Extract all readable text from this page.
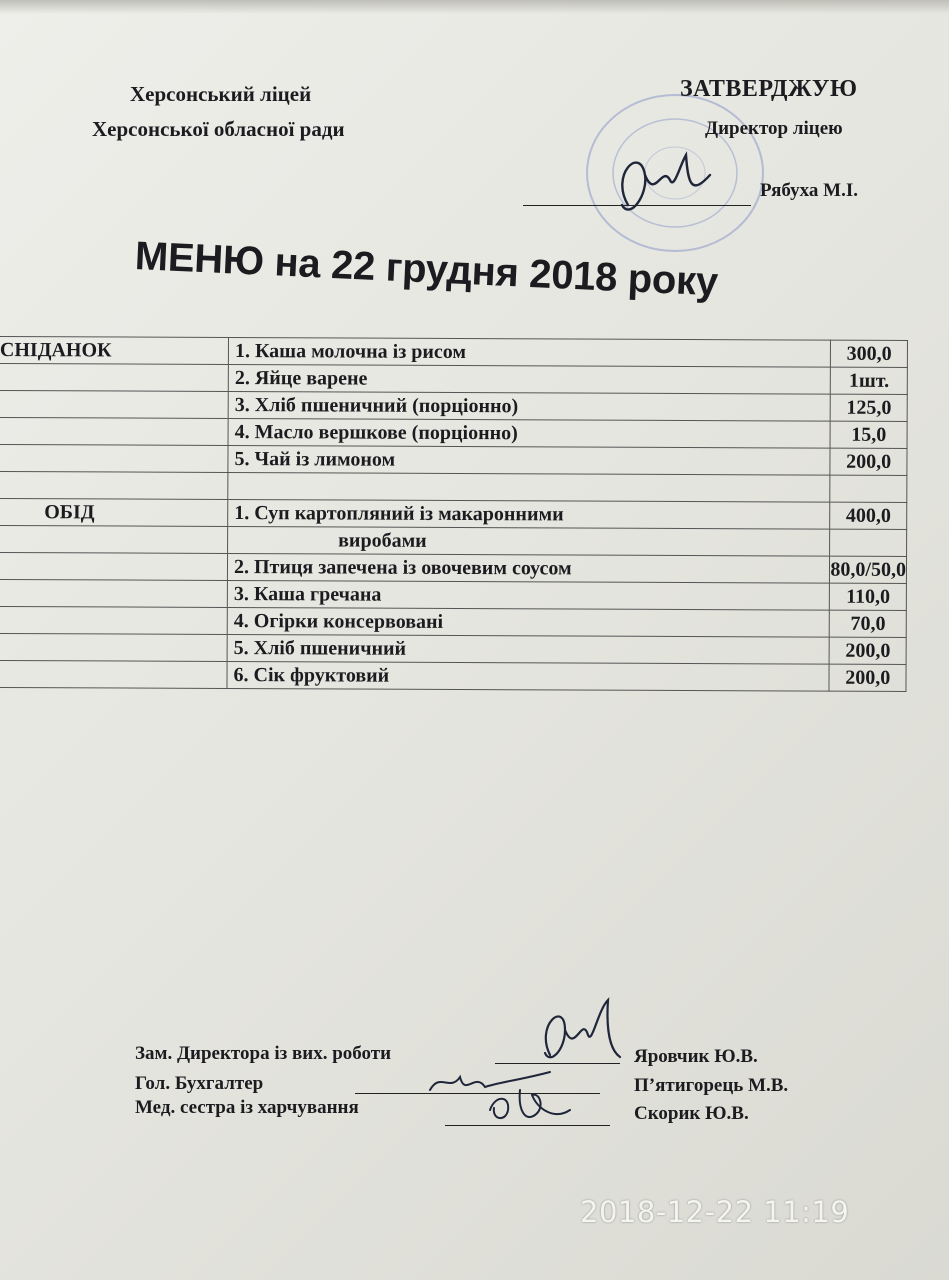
Херсонський ліцей
Херсонської обласної ради
ЗАТВЕРДЖУЮ
Директор ліцею
Рябуха М.І.
МЕНЮ на 22 грудня 2018 року
СНІДАНОК	1. Каша молочна із рисом	300,0
	2. Яйце варене	1шт.
	3. Хліб пшеничний (порціонно)	125,0
	4. Масло вершкове (порціонно)	15,0
	5. Чай із лимоном	200,0

ОБІД	1. Суп картопляний із макаронними	400,0
	виробами	
	2. Птиця запечена із овочевим соусом	80,0/50,0
	3. Каша гречана	110,0
	4. Огірки консервовані	70,0
	5. Хліб пшеничний	200,0
	6. Сік фруктовий	200,0
Зам. Директора із вих. роботи	Яровчик Ю.В.
Гол. Бухгалтер	П’ятигорець М.В.
Мед. сестра із харчування	Скорик Ю.В.
2018-12-22 11:19
